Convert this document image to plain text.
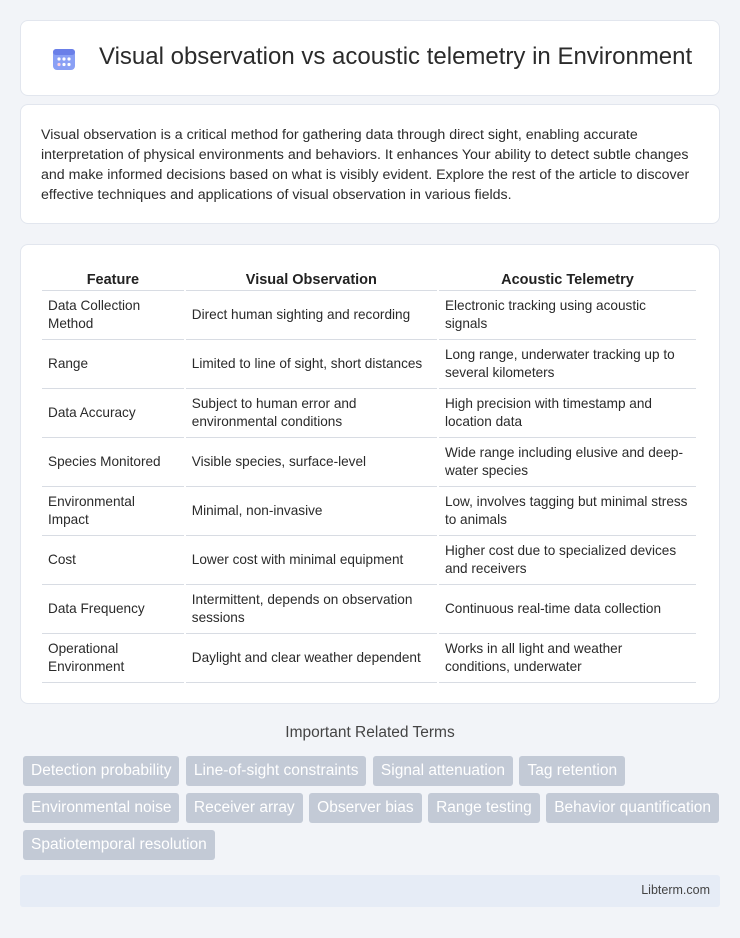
Visual observation vs acoustic telemetry in Environment

Visual observation is a critical method for gathering data through direct sight, enabling accurate interpretation of physical environments and behaviors. It enhances Your ability to detect subtle changes and make informed decisions based on what is visibly evident. Explore the rest of the article to discover effective techniques and applications of visual observation in various fields.

Feature	Visual Observation	Acoustic Telemetry
Data Collection Method	Direct human sighting and recording	Electronic tracking using acoustic signals
Range	Limited to line of sight, short distances	Long range, underwater tracking up to several kilometers
Data Accuracy	Subject to human error and environmental conditions	High precision with timestamp and location data
Species Monitored	Visible species, surface-level	Wide range including elusive and deep-water species
Environmental Impact	Minimal, non-invasive	Low, involves tagging but minimal stress to animals
Cost	Lower cost with minimal equipment	Higher cost due to specialized devices and receivers
Data Frequency	Intermittent, depends on observation sessions	Continuous real-time data collection
Operational Environment	Daylight and clear weather dependent	Works in all light and weather conditions, underwater
Important Related Terms
Detection probability Line-of-sight constraints Signal attenuation Tag retention Environmental noise Receiver array Observer bias Range testing Behavior quantification Spatiotemporal resolution
Libterm.com
